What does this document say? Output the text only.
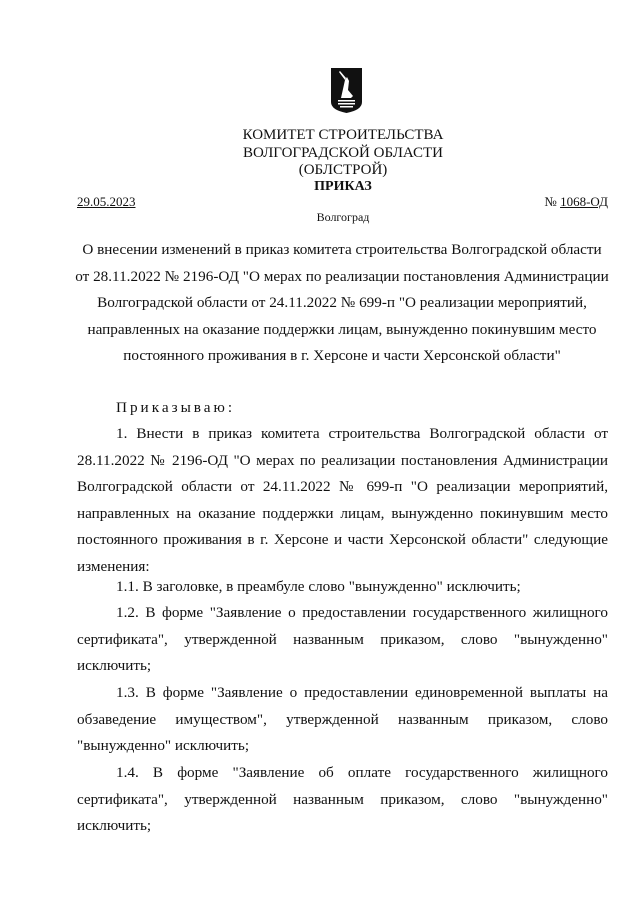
КОМИТЕТ СТРОИТЕЛЬСТВА
ВОЛГОГРАДСКОЙ ОБЛАСТИ
(ОБЛСТРОЙ)
ПРИКАЗ
29.05.2023	№ 1068-ОД
Волгоград
О внесении изменений в приказ комитета строительства Волгоградской области
от 28.11.2022 № 2196-ОД "О мерах по реализации постановления Администрации
Волгоградской области от 24.11.2022 № 699-п "О реализации мероприятий,
направленных на оказание поддержки лицам, вынужденно покинувшим место
постоянного проживания в г. Херсоне и части Херсонской области"

Приказываю:

1. Внести в приказ комитета строительства Волгоградской области от 28.11.2022 № 2196-ОД "О мерах по реализации постановления Администрации Волгоградской области от 24.11.2022 № 699-п "О реализации мероприятий, направленных на оказание поддержки лицам, вынужденно покинувшим место постоянного проживания в г. Херсоне и части Херсонской области" следующие изменения:

1.1. В заголовке, в преамбуле слово "вынужденно" исключить;

1.2. В форме "Заявление о предоставлении государственного жилищного сертификата", утвержденной названным приказом, слово "вынужденно" исключить;

1.3. В форме "Заявление о предоставлении единовременной выплаты на обзаведение имуществом", утвержденной названным приказом, слово "вынужденно" исключить;

1.4. В форме "Заявление об оплате государственного жилищного сертификата", утвержденной названным приказом, слово "вынужденно" исключить;
